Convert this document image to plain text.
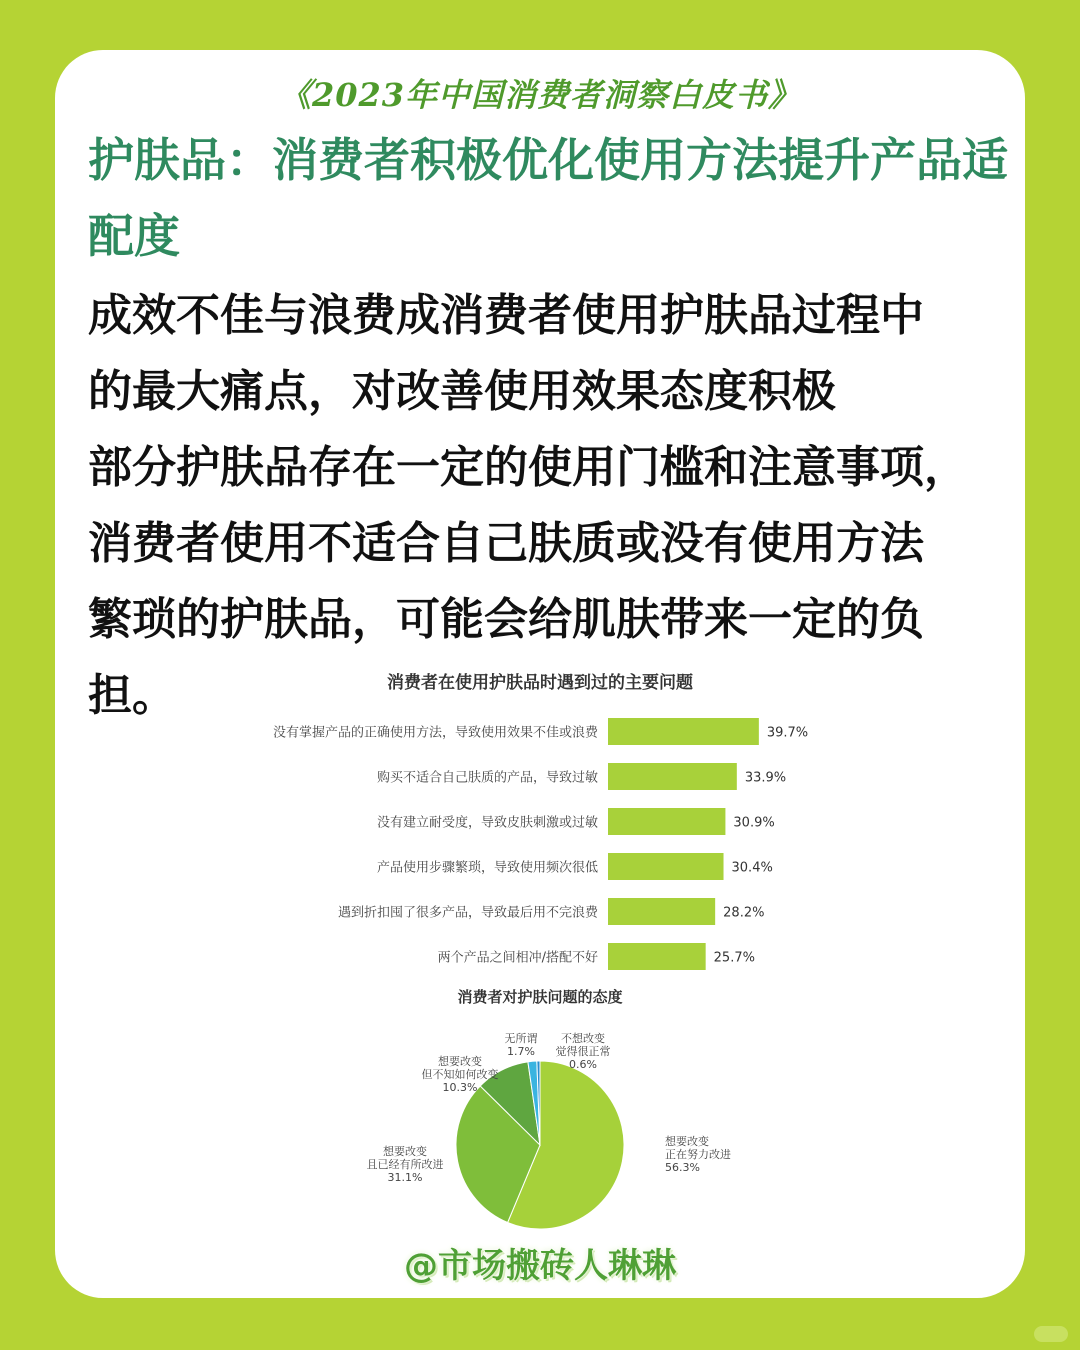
《2023年中国消费者洞察白皮书》
护肤品：消费者积极优化使用方法提升产品适配度
成效不佳与浪费成消费者使用护肤品过程中
的最大痛点，对改善使用效果态度积极
部分护肤品存在一定的使用门槛和注意事项，
消费者使用不适合自己肤质或没有使用方法
繁琐的护肤品，可能会给肌肤带来一定的负
担。	消费者在使用护肤品时遇到过的主要问题
没有掌握产品的正确使用方法，导致使用效果不佳或浪费	39.7%
购买不适合自己肤质的产品，导致过敏	33.9%
没有建立耐受度，导致皮肤刺激或过敏	30.9%
产品使用步骤繁琐，导致使用频次很低	30.4%
遇到折扣囤了很多产品，导致最后用不完浪费	28.2%
两个产品之间相冲/搭配不好	25.7%
消费者对护肤问题的态度
想要改变
正在努力改进
56.3%
想要改变
且已经有所改进
31.1%
想要改变
但不知如何改变
10.3%
无所谓
1.7%
不想改变
觉得很正常
0.6%
@市场搬砖人琳琳
